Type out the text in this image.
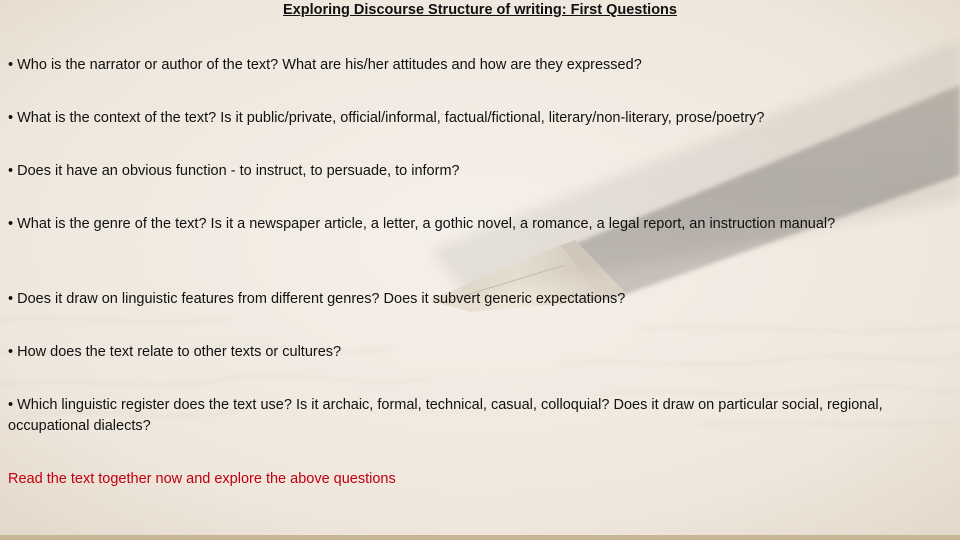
Exploring Discourse Structure of writing: First Questions
• Who is the narrator or author of the text? What are his/her attitudes and how are they expressed?
• What is the context of the text? Is it public/private, official/informal, factual/fictional, literary/non-literary, prose/poetry?
• Does it have an obvious function - to instruct, to persuade, to inform?
• What is the genre of the text? Is it a newspaper article, a letter, a gothic novel, a romance, a legal report, an instruction manual?
• Does it draw on linguistic features from different genres? Does it subvert generic expectations?
• How does the text relate to other texts or cultures?
• Which linguistic register does the text use? Is it archaic, formal, technical, casual, colloquial? Does it draw on particular social, regional, occupational dialects?
Read the text together now and explore the above questions
